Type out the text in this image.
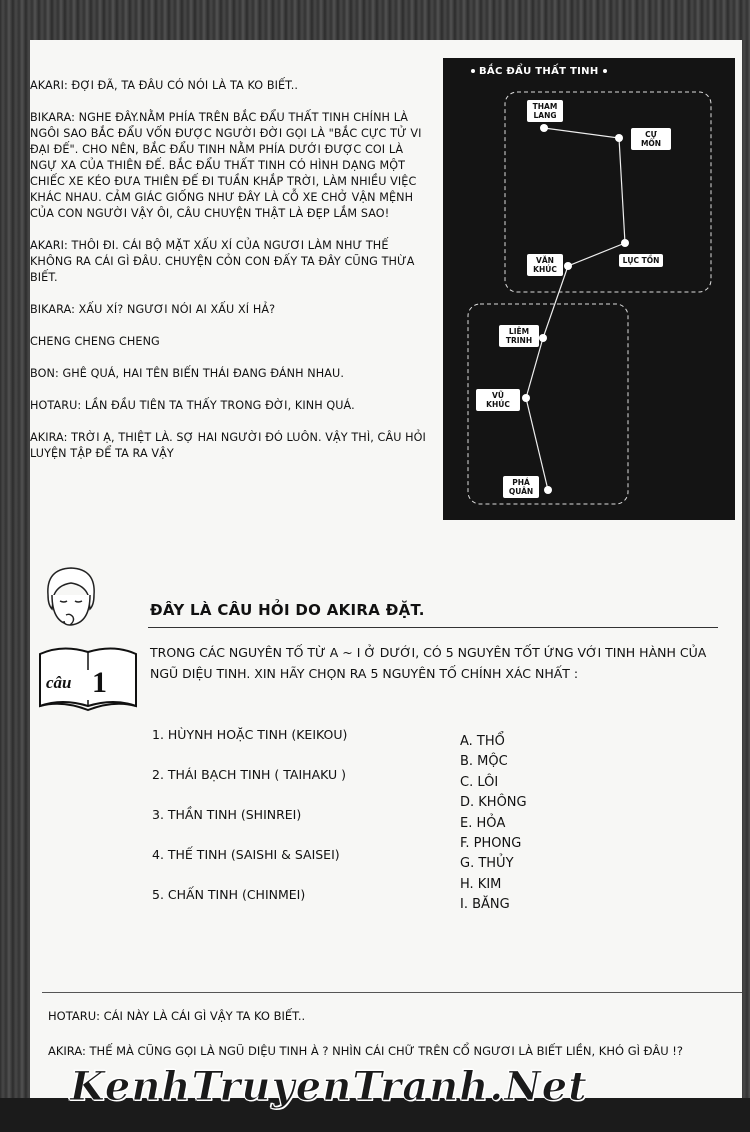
AKARI: ĐỢI ĐÃ, TA ĐÂU CÓ NÓI LÀ TA KO BIẾT..

BIKARA: NGHE ĐÂY.NẰM PHÍA TRÊN BẮC ĐẨU THẤT TINH CHÍNH LÀ NGÔI SAO BẮC ĐẨU VỐN ĐƯỢC NGƯỜI ĐỜI GỌI LÀ "BẮC CỰC TỬ VI ĐẠI ĐẾ". CHO NÊN, BẮC ĐẨU TINH NẰM PHÍA DƯỚI ĐƯỢC COI LÀ NGỰ XA CỦA THIÊN ĐẾ. BẮC ĐẨU THẤT TINH CÓ HÌNH DẠNG MỘT CHIẾC XE KÉO ĐƯA THIÊN ĐẾ ĐI TUẦN KHẮP TRỜI, LÀM NHIỀU VIỆC KHÁC NHAU. CẢM GIÁC GIỐNG NHƯ ĐÂY LÀ CỖ XE CHỞ VẬN MỆNH CỦA CON NGƯỜI VẬY ÔI, CÂU CHUYỆN THẬT LÀ ĐẸP LẮM SAO!

AKARI: THÔI ĐI. CÁI BỘ MẶT XẤU XÍ CỦA NGƯƠI LÀM NHƯ THẾ KHÔNG RA CÁI GÌ ĐÂU. CHUYỆN CỎN CON ĐẤY TA ĐÂY CŨNG THỪA BIẾT.

BIKARA: XẤU XÍ? NGƯƠI NÓI AI XẤU XÍ HẢ?

CHENG CHENG CHENG

BON: GHÊ QUÁ, HAI TÊN BIẾN THÁI ĐANG ĐÁNH NHAU.

HOTARU: LẦN ĐẦU TIÊN TA THẤY TRONG ĐỜI, KINH QUÁ.

AKIRA: TRỜI Ạ, THIỆT LÀ. SỢ HAI NGƯỜI ĐÓ LUÔN. VẬY THÌ, CÂU HỎI LUYỆN TẬP ĐỂ TA RA VẬY

BẮC ĐẨU THẤT TINH
THAM LANG
CỰ MÔN
LỤC TỒN
VĂN KHÚC
LIÊM TRINH
VŨ KHÚC
PHÁ QUÂN
câu 1
ĐÂY LÀ CÂU HỎI DO AKIRA ĐẶT.
TRONG CÁC NGUYÊN TỐ TỪ A ~ I Ở DƯỚI, CÓ 5 NGUYÊN TỐT ỨNG VỚI TINH HÀNH CỦA NGŨ DIỆU TINH. XIN HÃY CHỌN RA 5 NGUYÊN TỐ CHÍNH XÁC NHẤT :
1. HÙYNH HOẶC TINH (KEIKOU)
2. THÁI BẠCH TINH ( TAIHAKU )
3. THẦN TINH (SHINREI)
4. THẾ TINH (SAISHI & SAISEI)
5. CHẤN TINH (CHINMEI)
A. THỔ
B. MỘC
C. LÔI
D. KHÔNG
E. HỎA
F. PHONG
G. THỦY
H. KIM
I. BĂNG

HOTARU: CÁI NÀY LÀ CÁI GÌ VẬY TA KO BIẾT..

AKIRA: THẾ MÀ CŨNG GỌI LÀ NGŨ DIỆU TINH À ? NHÌN CÁI CHỮ TRÊN CỔ NGƯƠI LÀ BIẾT LIỀN, KHÓ GÌ ĐÂU !?

KenhTruyenTranh.Net
